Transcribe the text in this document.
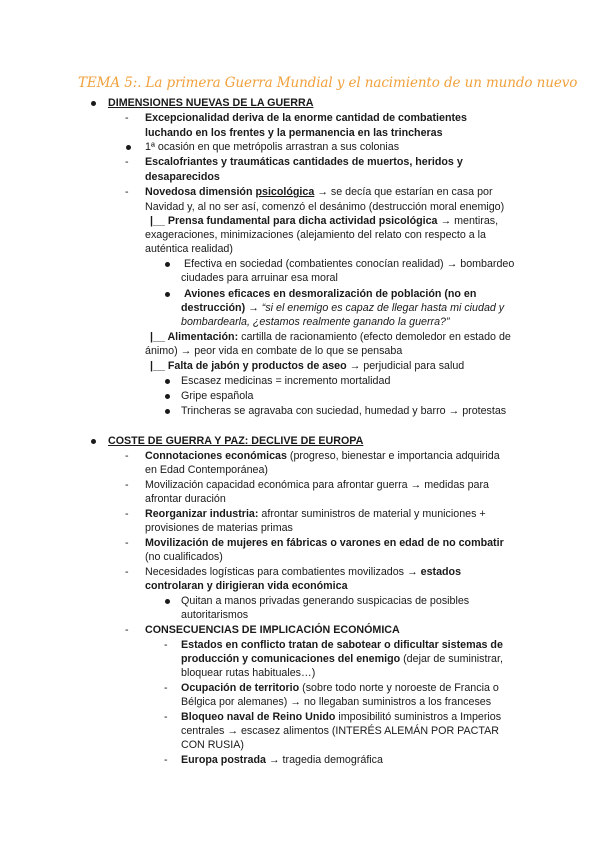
TEMA 5:. La primera Guerra Mundial y el nacimiento de un mundo nuevo
DIMENSIONES NUEVAS DE LA GUERRA
- Excepcionalidad deriva de la enorme cantidad de combatientes
luchando en los frentes y la permanencia en las trincheras
1ª ocasión en que metrópolis arrastran a sus colonias
- Escalofriantes y traumáticas cantidades de muertos, heridos y
desaparecidos
- Novedosa dimensión psicológica → se decía que estarían en casa por
Navidad y, al no ser así, comenzó el desánimo (destrucción moral enemigo)
|__ Prensa fundamental para dicha actividad psicológica → mentiras,
exageraciones, minimizaciones (alejamiento del relato con respecto a la
auténtica realidad)
Efectiva en sociedad (combatientes conocían realidad) → bombardeo
ciudades para arruinar esa moral
Aviones eficaces en desmoralización de población (no en
destrucción) → “si el enemigo es capaz de llegar hasta mi ciudad y
bombardearla, ¿estamos realmente ganando la guerra?”
|__ Alimentación: cartilla de racionamiento (efecto demoledor en estado de
ánimo) → peor vida en combate de lo que se pensaba
|__ Falta de jabón y productos de aseo → perjudicial para salud
Escasez medicinas = incremento mortalidad
Gripe española
Trincheras se agravaba con suciedad, humedad y barro → protestas
COSTE DE GUERRA Y PAZ: DECLIVE DE EUROPA
- Connotaciones económicas (progreso, bienestar e importancia adquirida
en Edad Contemporánea)
- Movilización capacidad económica para afrontar guerra → medidas para
afrontar duración
- Reorganizar industria: afrontar suministros de material y municiones +
provisiones de materias primas
- Movilización de mujeres en fábricas o varones en edad de no combatir
(no cualificados)
- Necesidades logísticas para combatientes movilizados → estados
controlaran y dirigieran vida económica
Quitan a manos privadas generando suspicacias de posibles
autoritarismos
- CONSECUENCIAS DE IMPLICACIÓN ECONÓMICA
- Estados en conflicto tratan de sabotear o dificultar sistemas de
producción y comunicaciones del enemigo (dejar de suministrar,
bloquear rutas habituales…)
- Ocupación de territorio (sobre todo norte y noroeste de Francia o
Bélgica por alemanes) → no llegaban suministros a los franceses
- Bloqueo naval de Reino Unido imposibilitó suministros a Imperios
centrales → escasez alimentos (INTERÉS ALEMÁN POR PACTAR
CON RUSIA)
- Europa postrada → tragedia demográfica
